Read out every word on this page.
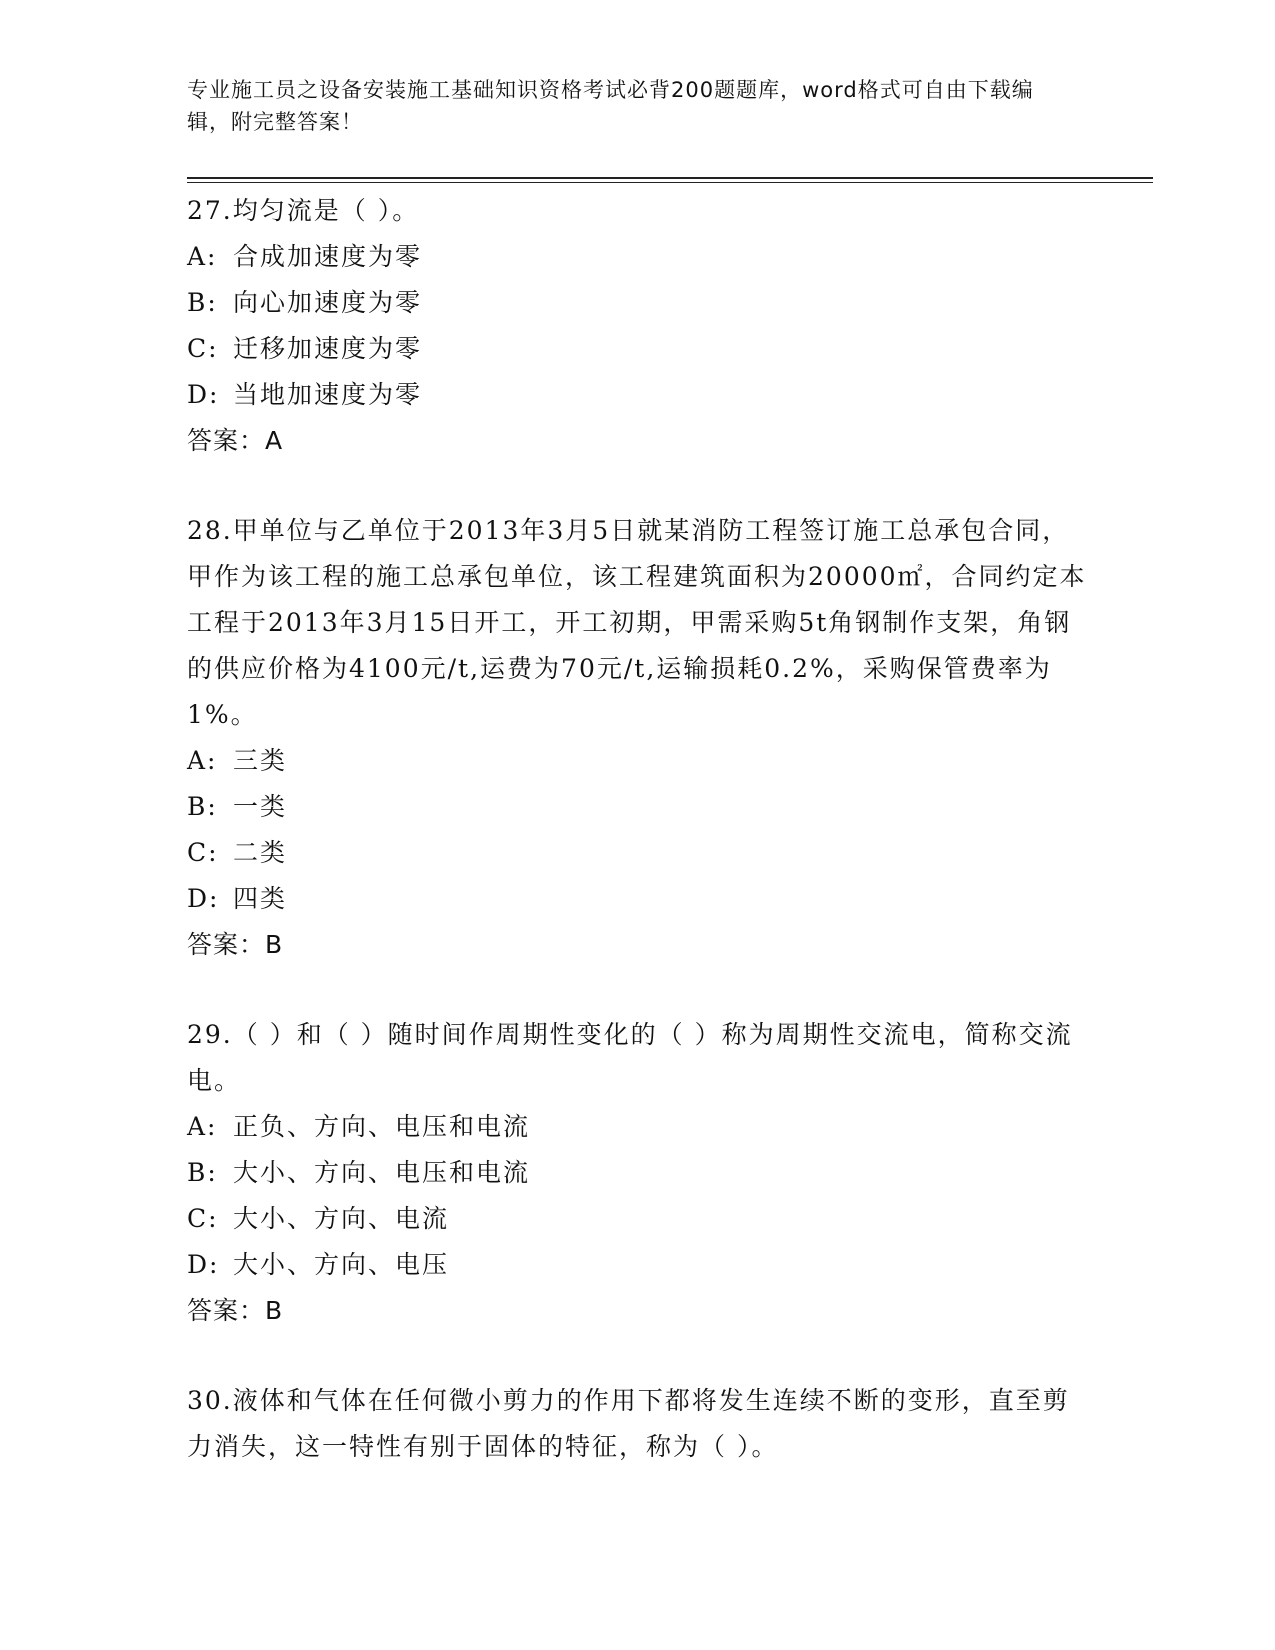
专业施工员之设备安装施工基础知识资格考试必背200题题库，word格式可自由下载编辑，附完整答案！
27.均匀流是（ ）。
A: 合成加速度为零
B: 向心加速度为零
C: 迁移加速度为零
D: 当地加速度为零
答案：A
28.甲单位与乙单位于2013年3月5日就某消防工程签订施工总承包合同，甲作为该工程的施工总承包单位，该工程建筑面积为20000㎡，合同约定本工程于2013年3月15日开工，开工初期，甲需采购5t角钢制作支架，角钢的供应价格为4100元/t,运费为70元/t,运输损耗0.2%，采购保管费率为1%。
A: 三类
B: 一类
C: 二类
D: 四类
答案：B
29.（ ）和（ ）随时间作周期性变化的（ ）称为周期性交流电，简称交流电。
A: 正负、方向、电压和电流
B: 大小、方向、电压和电流
C: 大小、方向、电流
D: 大小、方向、电压
答案：B
30.液体和气体在任何微小剪力的作用下都将发生连续不断的变形，直至剪力消失，这一特性有别于固体的特征，称为（ ）。
